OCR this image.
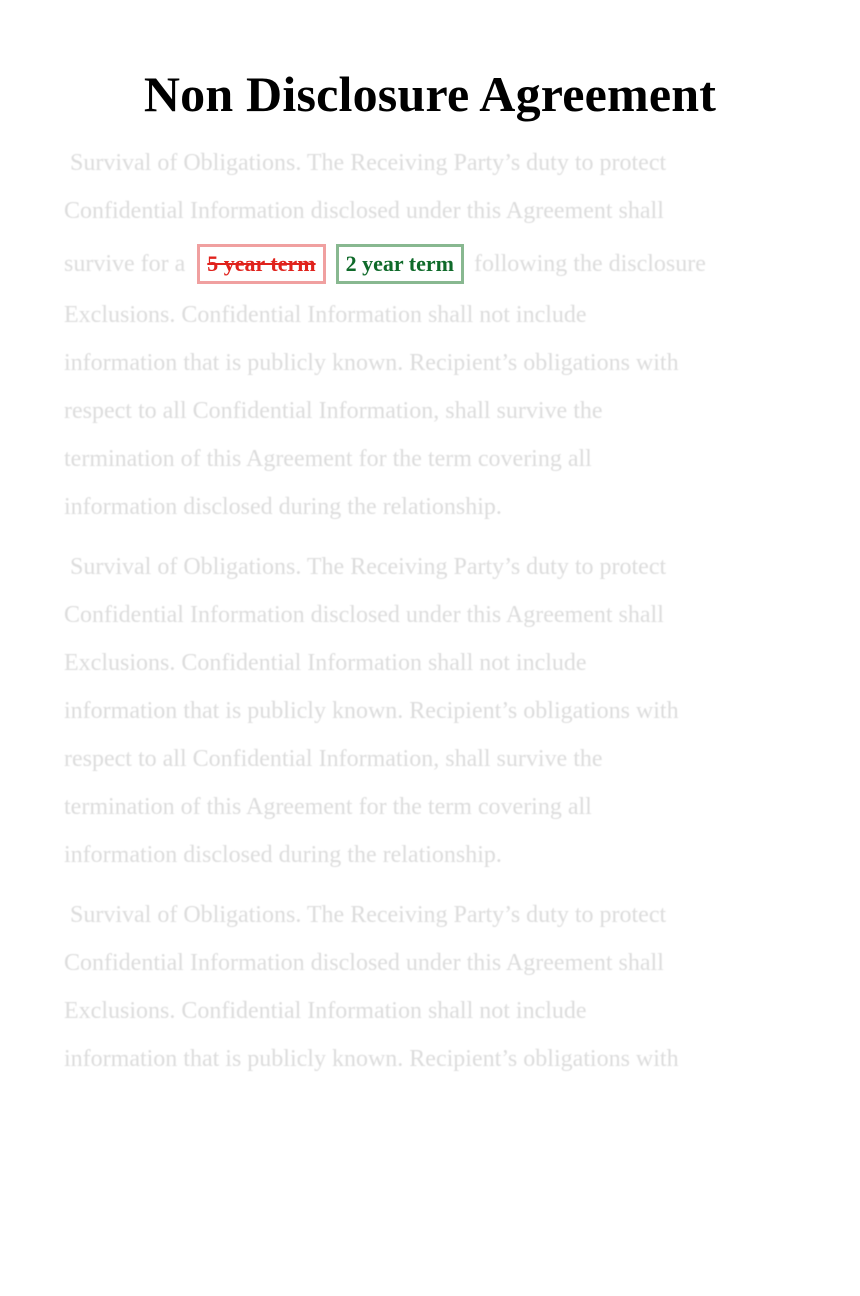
Non Disclosure Agreement
Survival of Obligations. The Receiving Party’s duty to protect
Confidential Information disclosed under this Agreement shall
survive for a	5 year term	2 year term following the disclosure
Exclusions. Confidential Information shall not include
information that is publicly known. Recipient’s obligations with
respect to all Confidential Information, shall survive the
termination of this Agreement for the term covering all
information disclosed during the relationship.
Survival of Obligations. The Receiving Party’s duty to protect
Confidential Information disclosed under this Agreement shall
Exclusions. Confidential Information shall not include
information that is publicly known. Recipient’s obligations with
respect to all Confidential Information, shall survive the
termination of this Agreement for the term covering all
information disclosed during the relationship.
Survival of Obligations. The Receiving Party’s duty to protect
Confidential Information disclosed under this Agreement shall
Exclusions. Confidential Information shall not include
information that is publicly known. Recipient’s obligations with
